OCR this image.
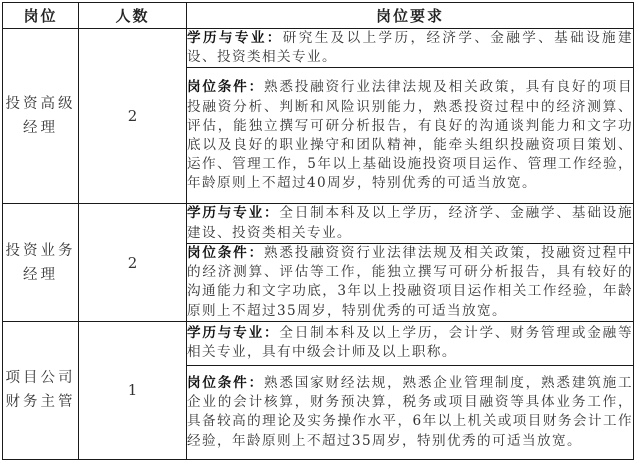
岗位	人数	岗位要求
投资高级经理	2	学历与专业：研究生及以上学历，经济学、金融学、基础设施建设、投资类相关专业。
		岗位条件：熟悉投融资行业法律法规及相关政策，具有良好的项目投融资分析、判断和风险识别能力，熟悉投资过程中的经济测算、评估，能独立撰写可研分析报告，有良好的沟通谈判能力和文字功底以及良好的职业操守和团队精神，能牵头组织投融资项目策划、运作、管理工作，5年以上基础设施投资项目运作、管理工作经验，年龄原则上不超过40周岁，特别优秀的可适当放宽。
投资业务经理	2	学历与专业：全日制本科及以上学历，经济学、金融学、基础设施建设、投资类相关专业。
		岗位条件：熟悉投融资资行业法律法规及相关政策，投融资过程中的经济测算、评估等工作，能独立撰写可研分析报告，具有较好的沟通能力和文字功底，3年以上投融资项目运作相关工作经验，年龄原则上不超过35周岁，特别优秀的可适当放宽。
项目公司财务主管	1	学历与专业：全日制本科及以上学历，会计学、财务管理或金融等相关专业，具有中级会计师及以上职称。
		岗位条件：熟悉国家财经法规，熟悉企业管理制度，熟悉建筑施工企业的会计核算，财务预决算，税务或项目融资等具体业务工作，具备较高的理论及实务操作水平，6年以上机关或项目财务会计工作经验，年龄原则上不超过35周岁，特别优秀的可适当放宽。
